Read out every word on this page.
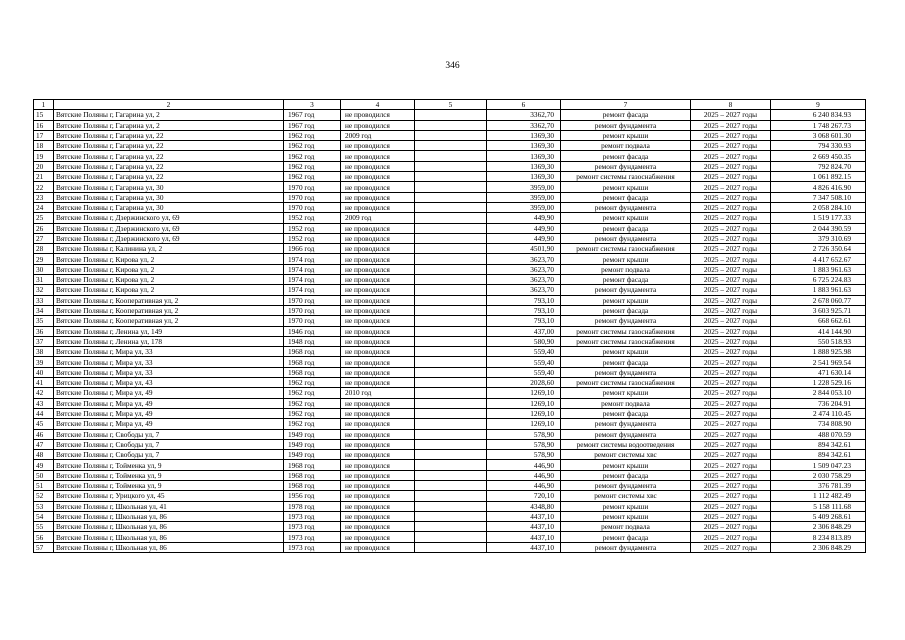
346
1	2	3	4	5	6	7	8	9
15	Вятские Поляны г, Гагарина ул, 2	1967 год	не проводился		3362,70	ремонт фасада	2025 – 2027 годы	6 240 834.93
16	Вятские Поляны г, Гагарина ул, 2	1967 год	не проводился		3362,70	ремонт фундамента	2025 – 2027 годы	1 748 267.73
17	Вятские Поляны г, Гагарина ул, 22	1962 год	2009 год		1369,30	ремонт крыши	2025 – 2027 годы	3 068 601.30
18	Вятские Поляны г, Гагарина ул, 22	1962 год	не проводился		1369,30	ремонт подвала	2025 – 2027 годы	794 330.93
19	Вятские Поляны г, Гагарина ул, 22	1962 год	не проводился		1369,30	ремонт фасада	2025 – 2027 годы	2 669 450.35
20	Вятские Поляны г, Гагарина ул, 22	1962 год	не проводился		1369,30	ремонт фундамента	2025 – 2027 годы	792 824.70
21	Вятские Поляны г, Гагарина ул, 22	1962 год	не проводился		1369,30	ремонт системы газоснабжения	2025 – 2027 годы	1 061 892.15
22	Вятские Поляны г, Гагарина ул, 30	1970 год	не проводился		3959,00	ремонт крыши	2025 – 2027 годы	4 826 416.90
23	Вятские Поляны г, Гагарина ул, 30	1970 год	не проводился		3959,00	ремонт фасада	2025 – 2027 годы	7 347 508.10
24	Вятские Поляны г, Гагарина ул, 30	1970 год	не проводился		3959,00	ремонт фундамента	2025 – 2027 годы	2 058 284.10
25	Вятские Поляны г, Дзержинского ул, 69	1952 год	2009 год		449,90	ремонт крыши	2025 – 2027 годы	1 519 177.33
26	Вятские Поляны г, Дзержинского ул, 69	1952 год	не проводился		449,90	ремонт фасада	2025 – 2027 годы	2 044 390.59
27	Вятские Поляны г, Дзержинского ул, 69	1952 год	не проводился		449,90	ремонт фундамента	2025 – 2027 годы	379 310.69
28	Вятские Поляны г, Калинина ул, 2	1966 год	не проводился		4501,90	ремонт системы газоснабжения	2025 – 2027 годы	2 726 350.64
29	Вятские Поляны г, Кирова ул, 2	1974 год	не проводился		3623,70	ремонт крыши	2025 – 2027 годы	4 417 652.67
30	Вятские Поляны г, Кирова ул, 2	1974 год	не проводился		3623,70	ремонт подвала	2025 – 2027 годы	1 883 961.63
31	Вятские Поляны г, Кирова ул, 2	1974 год	не проводился		3623,70	ремонт фасада	2025 – 2027 годы	6 725 224.83
32	Вятские Поляны г, Кирова ул, 2	1974 год	не проводился		3623,70	ремонт фундамента	2025 – 2027 годы	1 883 961.63
33	Вятские Поляны г, Кооперативная ул, 2	1970 год	не проводился		793,10	ремонт крыши	2025 – 2027 годы	2 678 060.77
34	Вятские Поляны г, Кооперативная ул, 2	1970 год	не проводился		793,10	ремонт фасада	2025 – 2027 годы	3 603 925.71
35	Вятские Поляны г, Кооперативная ул, 2	1970 год	не проводился		793,10	ремонт фундамента	2025 – 2027 годы	668 662.61
36	Вятские Поляны г, Ленина ул, 149	1946 год	не проводился		437,00	ремонт системы газоснабжения	2025 – 2027 годы	414 144.90
37	Вятские Поляны г, Ленина ул, 178	1948 год	не проводился		580,90	ремонт системы газоснабжения	2025 – 2027 годы	550 518.93
38	Вятские Поляны г, Мира ул, 33	1968 год	не проводился		559,40	ремонт крыши	2025 – 2027 годы	1 888 925.98
39	Вятские Поляны г, Мира ул, 33	1968 год	не проводился		559,40	ремонт фасада	2025 – 2027 годы	2 541 969.54
40	Вятские Поляны г, Мира ул, 33	1968 год	не проводился		559,40	ремонт фундамента	2025 – 2027 годы	471 630.14
41	Вятские Поляны г, Мира ул, 43	1962 год	не проводился		2028,60	ремонт системы газоснабжения	2025 – 2027 годы	1 228 529.16
42	Вятские Поляны г, Мира ул, 49	1962 год	2010 год		1269,10	ремонт крыши	2025 – 2027 годы	2 844 053.10
43	Вятские Поляны г, Мира ул, 49	1962 год	не проводился		1269,10	ремонт подвала	2025 – 2027 годы	736 204.91
44	Вятские Поляны г, Мира ул, 49	1962 год	не проводился		1269,10	ремонт фасада	2025 – 2027 годы	2 474 110.45
45	Вятские Поляны г, Мира ул, 49	1962 год	не проводился		1269,10	ремонт фундамента	2025 – 2027 годы	734 808.90
46	Вятские Поляны г, Свободы ул, 7	1949 год	не проводился		578,90	ремонт фундамента	2025 – 2027 годы	488 070.59
47	Вятские Поляны г, Свободы ул, 7	1949 год	не проводился		578,90	ремонт системы водоотведения	2025 – 2027 годы	894 342.61
48	Вятские Поляны г, Свободы ул, 7	1949 год	не проводился		578,90	ремонт системы хвс	2025 – 2027 годы	894 342.61
49	Вятские Поляны г, Тойменка ул, 9	1968 год	не проводился		446,90	ремонт крыши	2025 – 2027 годы	1 509 047.23
50	Вятские Поляны г, Тойменка ул, 9	1968 год	не проводился		446,90	ремонт фасада	2025 – 2027 годы	2 030 758.29
51	Вятские Поляны г, Тойменка ул, 9	1968 год	не проводился		446,90	ремонт фундамента	2025 – 2027 годы	376 781.39
52	Вятские Поляны г, Урицкого ул, 45	1956 год	не проводился		720,10	ремонт системы хвс	2025 – 2027 годы	1 112 482.49
53	Вятские Поляны г, Школьная ул, 41	1978 год	не проводился		4348,80	ремонт крыши	2025 – 2027 годы	5 158 111.68
54	Вятские Поляны г, Школьная ул, 86	1973 год	не проводился		4437,10	ремонт крыши	2025 – 2027 годы	5 409 268.61
55	Вятские Поляны г, Школьная ул, 86	1973 год	не проводился		4437,10	ремонт подвала	2025 – 2027 годы	2 306 848.29
56	Вятские Поляны г, Школьная ул, 86	1973 год	не проводился		4437,10	ремонт фасада	2025 – 2027 годы	8 234 813.89
57	Вятские Поляны г, Школьная ул, 86	1973 год	не проводился		4437,10	ремонт фундамента	2025 – 2027 годы	2 306 848.29
